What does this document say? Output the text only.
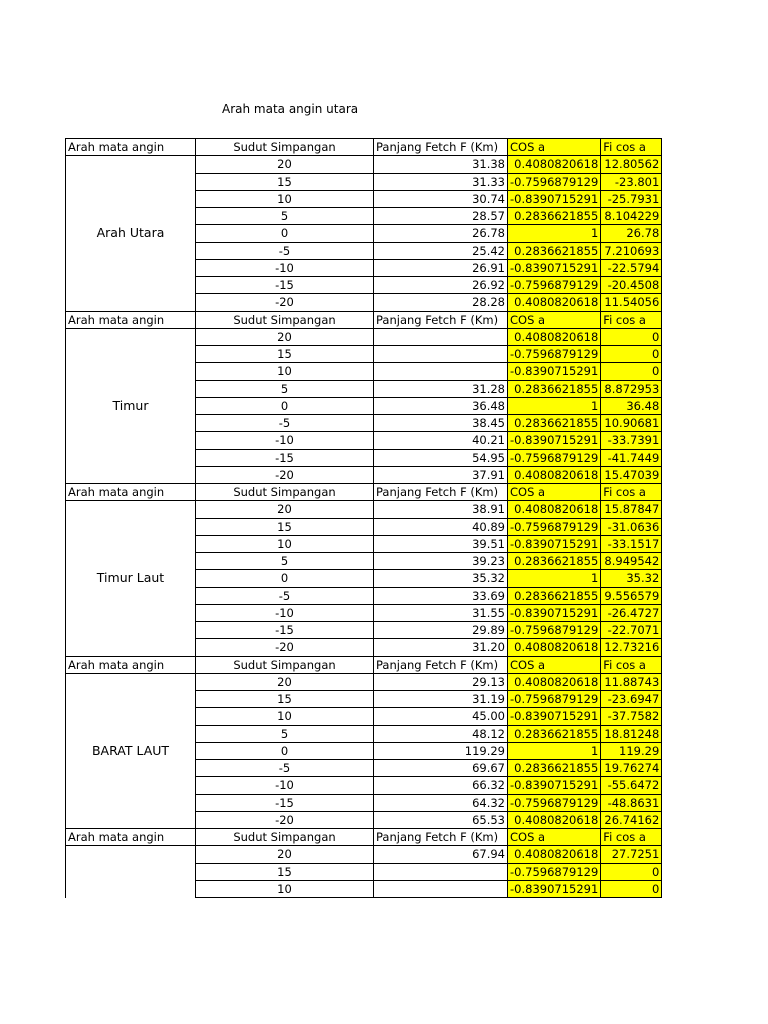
Arah mata angin utara
Arah mata angin	Sudut Simpangan	Panjang Fetch F (Km)	COS a	Fi cos a
Arah Utara	20	31.38	0.4080820618	12.80562
	15	31.33	-0.7596879129	-23.801
	10	30.74	-0.8390715291	-25.7931
	5	28.57	0.2836621855	8.104229
	0	26.78	1	26.78
	-5	25.42	0.2836621855	7.210693
	-10	26.91	-0.8390715291	-22.5794
	-15	26.92	-0.7596879129	-20.4508
	-20	28.28	0.4080820618	11.54056
Arah mata angin	Sudut Simpangan	Panjang Fetch F (Km)	COS a	Fi cos a
Timur	20		0.4080820618	0
	15		-0.7596879129	0
	10		-0.8390715291	0
	5	31.28	0.2836621855	8.872953
	0	36.48	1	36.48
	-5	38.45	0.2836621855	10.90681
	-10	40.21	-0.8390715291	-33.7391
	-15	54.95	-0.7596879129	-41.7449
	-20	37.91	0.4080820618	15.47039
Arah mata angin	Sudut Simpangan	Panjang Fetch F (Km)	COS a	Fi cos a
Timur Laut	20	38.91	0.4080820618	15.87847
	15	40.89	-0.7596879129	-31.0636
	10	39.51	-0.8390715291	-33.1517
	5	39.23	0.2836621855	8.949542
	0	35.32	1	35.32
	-5	33.69	0.2836621855	9.556579
	-10	31.55	-0.8390715291	-26.4727
	-15	29.89	-0.7596879129	-22.7071
	-20	31.20	0.4080820618	12.73216
Arah mata angin	Sudut Simpangan	Panjang Fetch F (Km)	COS a	Fi cos a
BARAT LAUT	20	29.13	0.4080820618	11.88743
	15	31.19	-0.7596879129	-23.6947
	10	45.00	-0.8390715291	-37.7582
	5	48.12	0.2836621855	18.81248
	0	119.29	1	119.29
	-5	69.67	0.2836621855	19.76274
	-10	66.32	-0.8390715291	-55.6472
	-15	64.32	-0.7596879129	-48.8631
	-20	65.53	0.4080820618	26.74162
Arah mata angin	Sudut Simpangan	Panjang Fetch F (Km)	COS a	Fi cos a
	20	67.94	0.4080820618	27.7251
	15		-0.7596879129	0
	10		-0.8390715291	0
